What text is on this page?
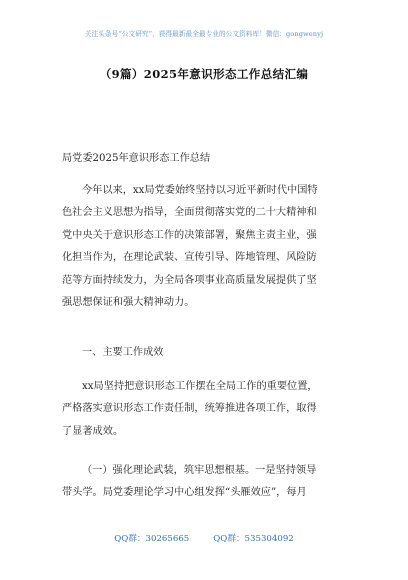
关注头条号“公文研究”，获得最新最全最专业的公文资料库！微信：gongwenyj
（9篇）2025年意识形态工作总结汇编
局党委2025年意识形态工作总结
今年以来，xx局党委始终坚持以习近平新时代中国特
色社会主义思想为指导，全面贯彻落实党的二十大精神和
党中央关于意识形态工作的决策部署，聚焦主责主业，强
化担当作为，在理论武装、宣传引导、阵地管理、风险防
范等方面持续发力，为全局各项事业高质量发展提供了坚
强思想保证和强大精神动力。
一、主要工作成效
xx局坚持把意识形态工作摆在全局工作的重要位置，
严格落实意识形态工作责任制，统筹推进各项工作，取得
了显著成效。
（一）强化理论武装，筑牢思想根基。一是坚持领导
带头学。局党委理论学习中心组发挥“头雁效应”，每月
QQ群：30265665	QQ群：535304092
